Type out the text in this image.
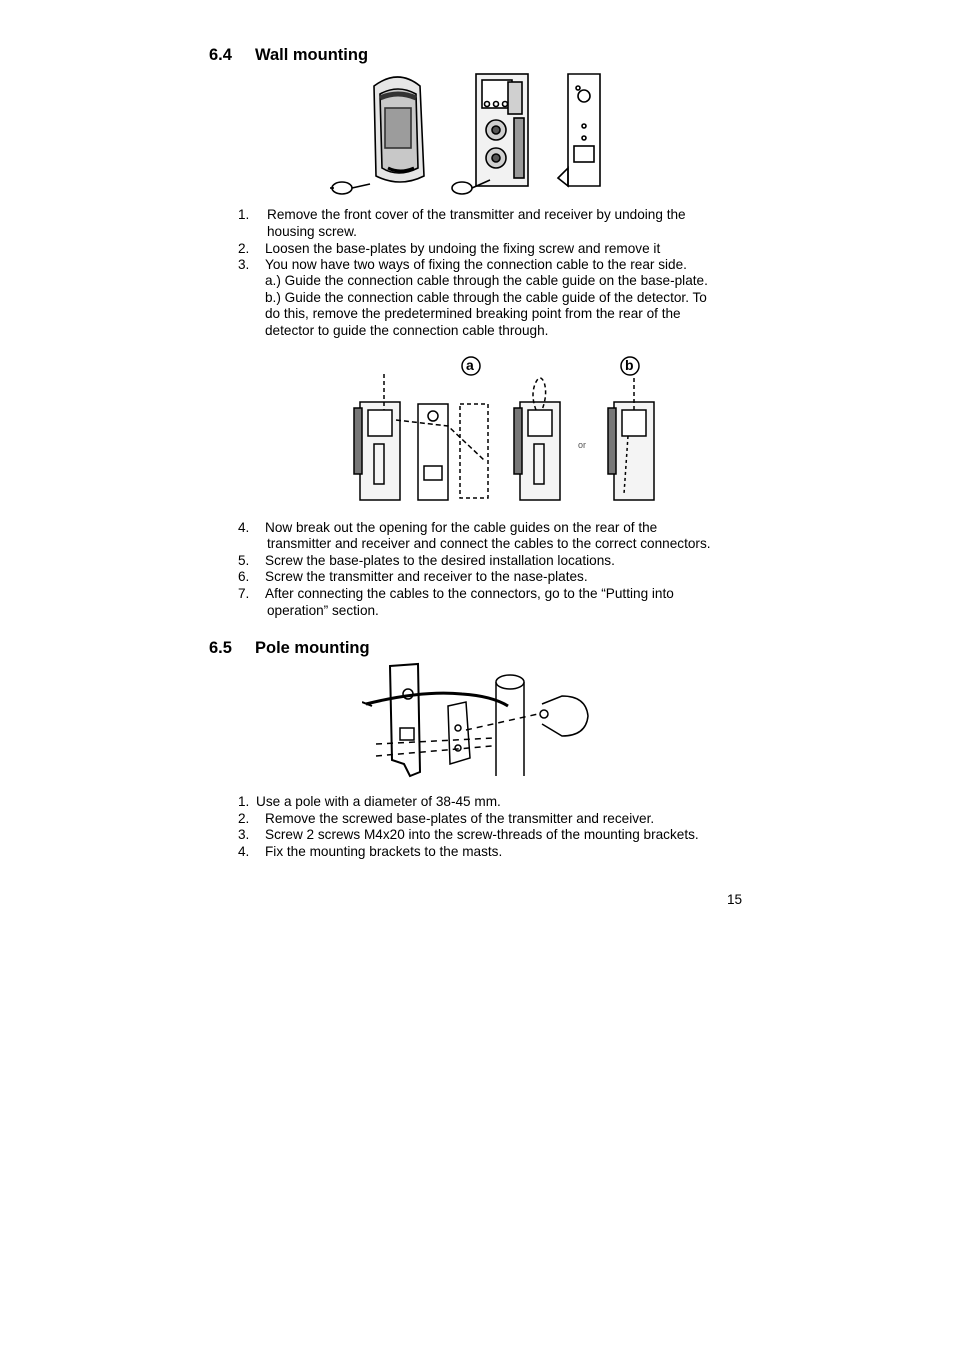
6.4 Wall mounting
1. Remove the front cover of the transmitter and receiver by undoing the
housing screw.
2. Loosen the base-plates by undoing the fixing screw and remove it
3. You now have two ways of fixing the connection cable to the rear side.
a.) Guide the connection cable through the cable guide on the base-plate.
b.) Guide the connection cable through the cable guide of the detector. To
do this, remove the predetermined breaking point from the rear of the
detector to guide the connection cable through.
a	b
or
4. Now break out the opening for the cable guides on the rear of the
transmitter and receiver and connect the cables to the correct connectors.
5. Screw the base-plates to the desired installation locations.
6. Screw the transmitter and receiver to the nase-plates.
7. After connecting the cables to the connectors, go to the “Putting into
operation” section.
6.5 Pole mounting
1. Use a pole with a diameter of 38-45 mm.
2. Remove the screwed base-plates of the transmitter and receiver.
3. Screw 2 screws M4x20 into the screw-threads of the mounting brackets.
4. Fix the mounting brackets to the masts.
15
